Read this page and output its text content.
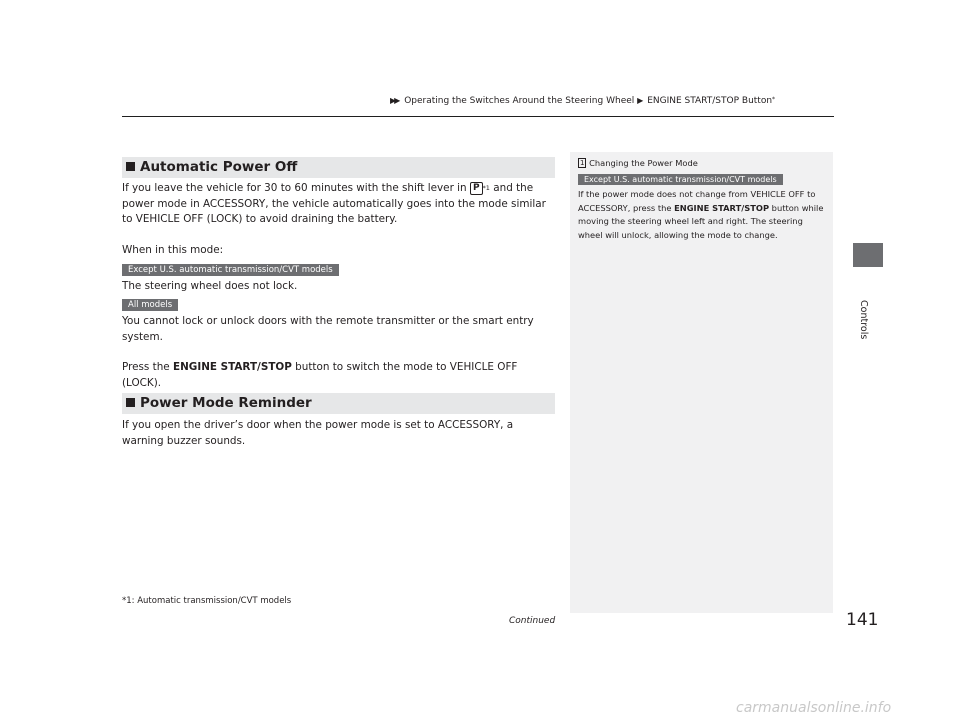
▶▶ Operating the Switches Around the Steering Wheel ▶ ENGINE START/STOP Button*
Automatic Power Off
If you leave the vehicle for 30 to 60 minutes with the shift lever in P $^{*1}$ and the power mode in ACCESSORY, the vehicle automatically goes into the mode similar to VEHICLE OFF (LOCK) to avoid draining the battery.
When in this mode:
Except U.S. automatic transmission/CVT models
The steering wheel does not lock.
All models
You cannot lock or unlock doors with the remote transmitter or the smart entry system.
Press the ENGINE START/STOP button to switch the mode to VEHICLE OFF (LOCK).
Power Mode Reminder
If you open the driver’s door when the power mode is set to ACCESSORY, a warning buzzer sounds.
1 Changing the Power Mode
Except U.S. automatic transmission/CVT models
If the power mode does not change from VEHICLE OFF to ACCESSORY, press the ENGINE START/STOP button while moving the steering wheel left and right. The steering wheel will unlock, allowing the mode to change.
Controls
*1: Automatic transmission/CVT models
Continued	141
carmanualsonline.info
